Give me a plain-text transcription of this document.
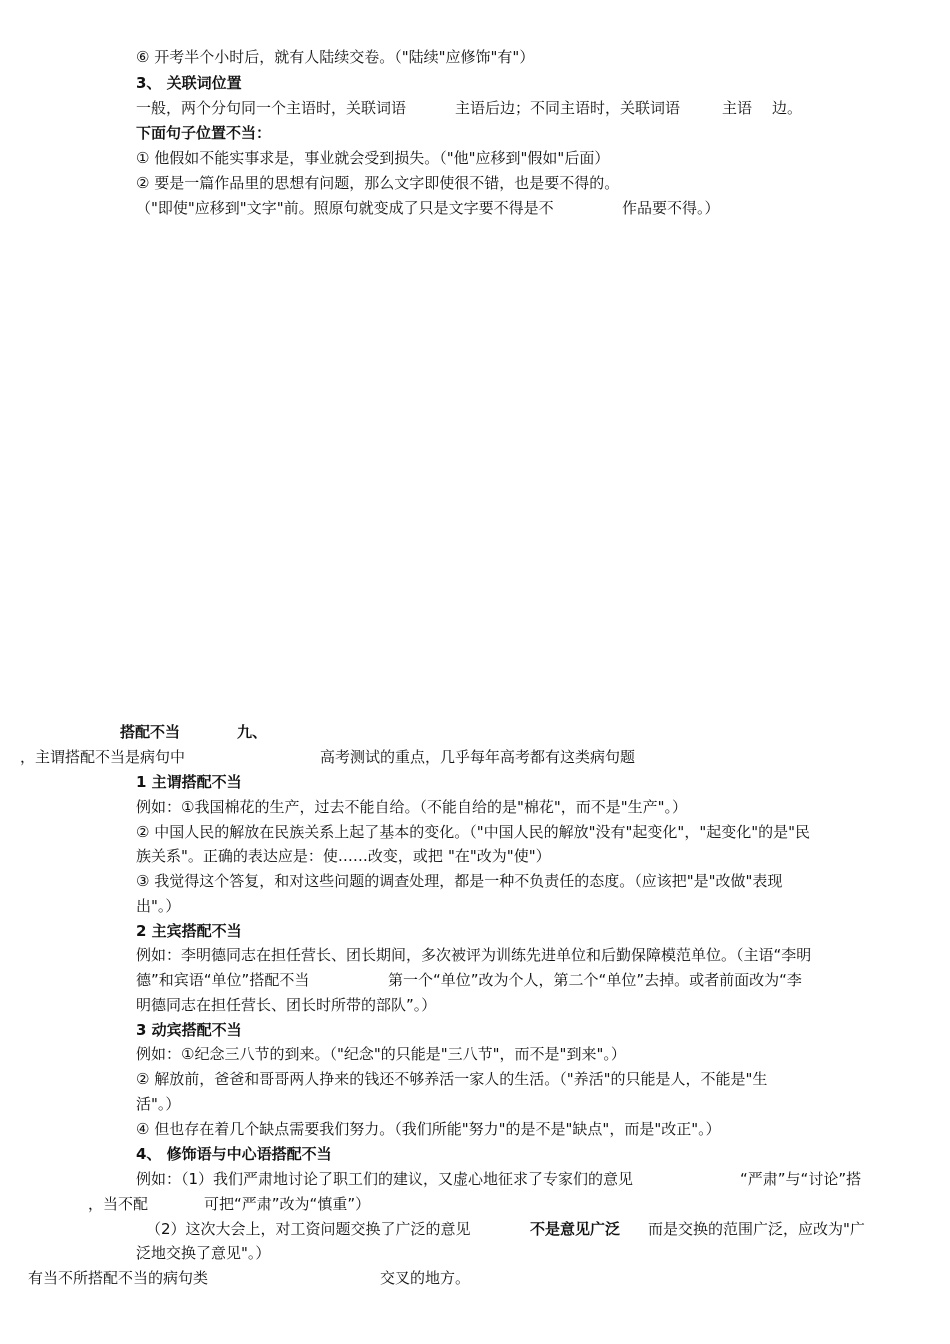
⑥ 开考半个小时后，就有人陆续交卷。（"陆续"应修饰"有"）
3、 关联词位置
一般，两个分句同一个主语时，关联词语	主语后边；不同主语时，关联词语	主语 边。
下面句子位置不当：
① 他假如不能实事求是，事业就会受到损失。（"他"应移到"假如"后面）
② 要是一篇作品里的思想有问题，那么文字即使很不错，也是要不得的。
（"即使"应移到"文字"前。照原句就变成了只是文字要不得是不	作品要不得。）
搭配不当	九、
，主谓搭配不当是病句中	高考测试的重点，几乎每年高考都有这类病句题
1 主谓搭配不当
例如：①我国棉花的生产，过去不能自给。（不能自给的是"棉花"，而不是"生产"。）
② 中国人民的解放在民族关系上起了基本的变化。（"中国人民的解放"没有"起变化"，"起变化"的是"民
族关系"。正确的表达应是：使……改变，或把 "在"改为"使"）
③ 我觉得这个答复，和对这些问题的调查处理，都是一种不负责任的态度。（应该把"是"改做"表现
出"。）
2 主宾搭配不当
例如：李明德同志在担任营长、团长期间，多次被评为训练先进单位和后勤保障模范单位。（主语“李明
德”和宾语“单位”搭配不当	第一个“单位”改为个人，第二个“单位”去掉。或者前面改为“李
明德同志在担任营长、团长时所带的部队”。）
3 动宾搭配不当
例如：①纪念三八节的到来。（"纪念"的只能是"三八节"，而不是"到来"。）
② 解放前，爸爸和哥哥两人挣来的钱还不够养活一家人的生活。（"养活"的只能是人，不能是"生
活"。）
④ 但也存在着几个缺点需要我们努力。（我们所能"努力"的是不是"缺点"，而是"改正"。）
4、 修饰语与中心语搭配不当
例如：（1）我们严肃地讨论了职工们的建议，又虚心地征求了专家们的意见	“严肃”与“讨论”搭
，当不配	可把“严肃”改为“慎重”）
（2）这次大会上，对工资问题交换了广泛的意见	不是意见广泛 而是交换的范围广泛，应改为"广
泛地交换了意见"。）
有当不所搭配不当的病句类	交叉的地方。
